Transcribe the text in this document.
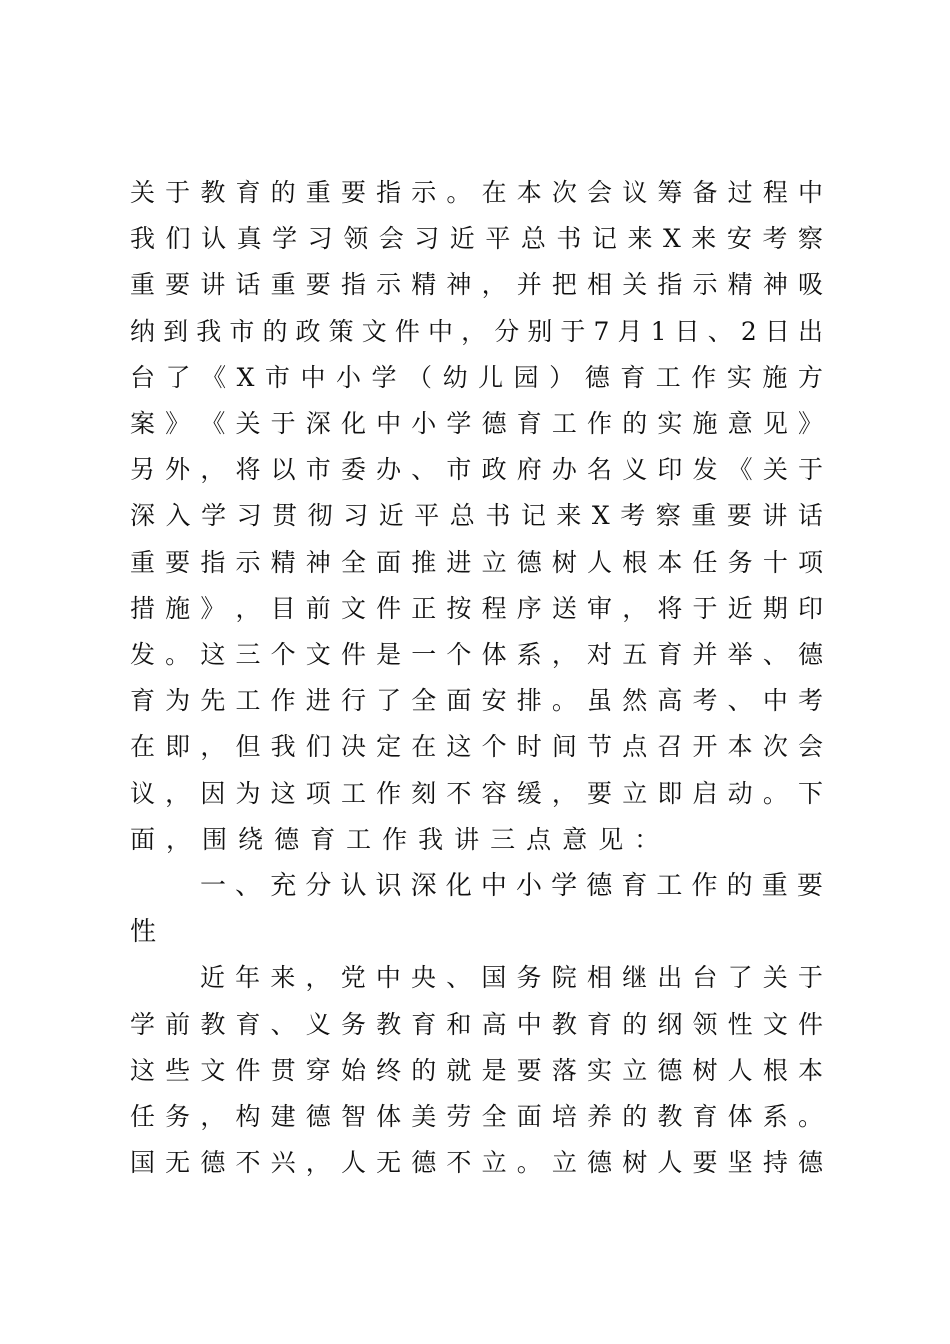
关 于 教 育 的 重 要 指 示 。 在 本 次 会 议 筹 备 过 程 中
我 们 认 真 学 习 领 会 习 近 平 总 书 记 来 X 来 安 考 察
重 要 讲 话 重 要 指 示 精 神 ， 并 把 相 关 指 示 精 神 吸
纳 到 我 市 的 政 策 文 件 中 ， 分 别 于 7 月 1 日 、 2 日 出
台 了 《 X 市 中 小 学 （ 幼 儿 园 ） 德 育 工 作 实 施 方
案 》 《 关 于 深 化 中 小 学 德 育 工 作 的 实 施 意 见 》
另 外 ， 将 以 市 委 办 、 市 政 府 办 名 义 印 发 《 关 于
深 入 学 习 贯 彻 习 近 平 总 书 记 来 X 考 察 重 要 讲 话
重 要 指 示 精 神 全 面 推 进 立 德 树 人 根 本 任 务 十 项
措 施 》 ， 目 前 文 件 正 按 程 序 送 审 ， 将 于 近 期 印
发 。 这 三 个 文 件 是 一 个 体 系 ， 对 五 育 并 举 、 德
育 为 先 工 作 进 行 了 全 面 安 排 。 虽 然 高 考 、 中 考
在 即 ， 但 我 们 决 定 在 这 个 时 间 节 点 召 开 本 次 会
议 ， 因 为 这 项 工 作 刻 不 容 缓 ， 要 立 即 启 动 。 下
面 ， 围 绕 德 育 工 作 我 讲 三 点 意 见 ：
一 、 充 分 认 识 深 化 中 小 学 德 育 工 作 的 重 要
性
近 年 来 ， 党 中 央 、 国 务 院 相 继 出 台 了 关 于
学 前 教 育 、 义 务 教 育 和 高 中 教 育 的 纲 领 性 文 件
这 些 文 件 贯 穿 始 终 的 就 是 要 落 实 立 德 树 人 根 本
任 务 ， 构 建 德 智 体 美 劳 全 面 培 养 的 教 育 体 系 。
国 无 德 不 兴 ， 人 无 德 不 立 。 立 德 树 人 要 坚 持 德
